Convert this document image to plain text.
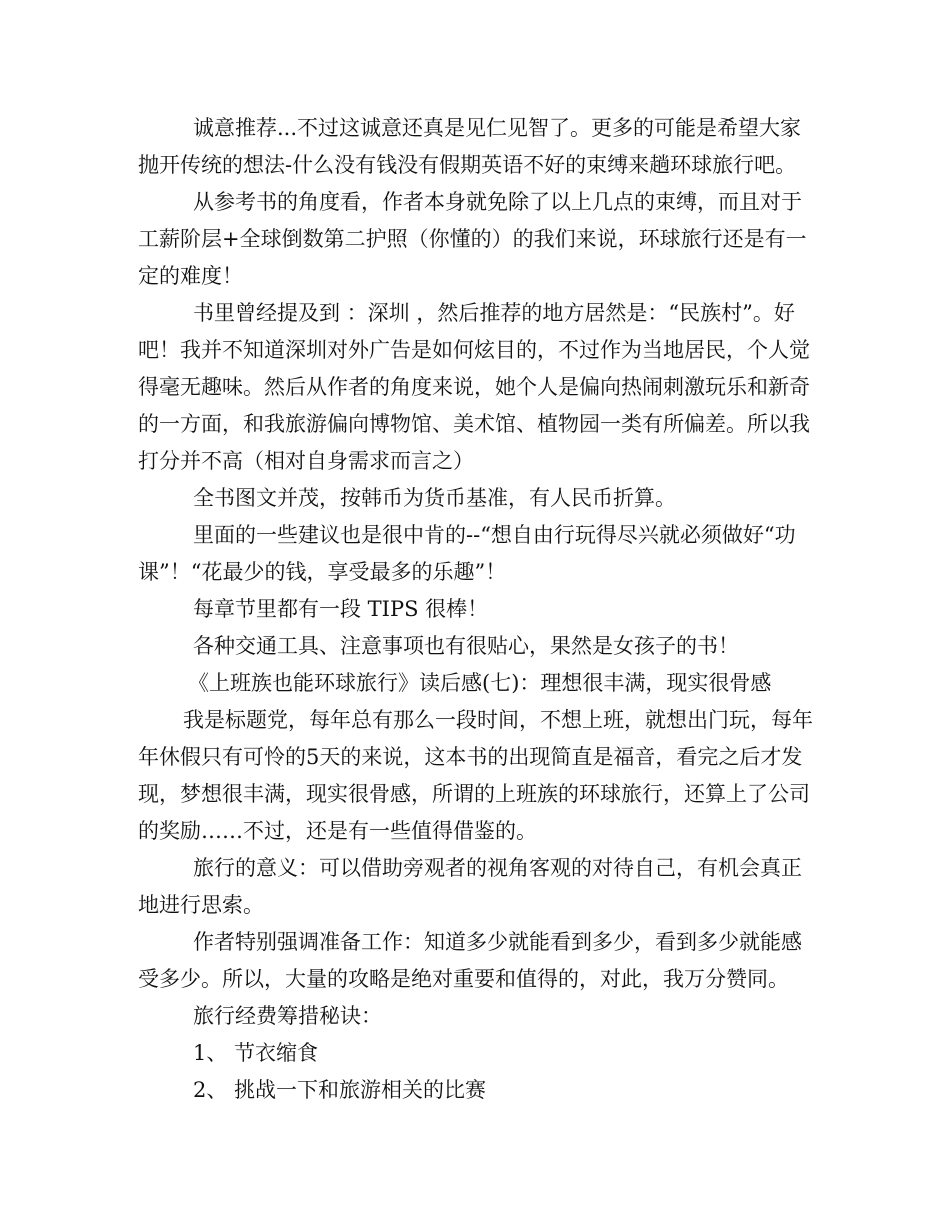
诚意推荐...不过这诚意还真是见仁见智了。更多的可能是希望大家抛开传统的想法-什么没有钱没有假期英语不好的束缚来趟环球旅行吧。

从参考书的角度看，作者本身就免除了以上几点的束缚，而且对于工薪阶层+全球倒数第二护照（你懂的）的我们来说，环球旅行还是有一定的难度！

书里曾经提及到 ：深圳 ，然后推荐的地方居然是：“民族村”。好吧！我并不知道深圳对外广告是如何炫目的，不过作为当地居民，个人觉得毫无趣味。然后从作者的角度来说，她个人是偏向热闹刺激玩乐和新奇的一方面，和我旅游偏向博物馆、美术馆、植物园一类有所偏差。所以我打分并不高（相对自身需求而言之）

全书图文并茂，按韩币为货币基准，有人民币折算。

里面的一些建议也是很中肯的--“想自由行玩得尽兴就必须做好“功课”！“花最少的钱，享受最多的乐趣”！

每章节里都有一段 TIPS 很棒！

各种交通工具、注意事项也有很贴心，果然是女孩子的书！

《上班族也能环球旅行》读后感(七)：理想很丰满，现实很骨感

我是标题党，每年总有那么一段时间，不想上班，就想出门玩，每年年休假只有可怜的5天的来说，这本书的出现简直是福音，看完之后才发现，梦想很丰满，现实很骨感，所谓的上班族的环球旅行，还算上了公司的奖励……不过，还是有一些值得借鉴的。

旅行的意义：可以借助旁观者的视角客观的对待自己，有机会真正地进行思索。

作者特别强调准备工作：知道多少就能看到多少，看到多少就能感受多少。所以，大量的攻略是绝对重要和值得的，对此，我万分赞同。

旅行经费筹措秘诀：

1、 节衣缩食

2、 挑战一下和旅游相关的比赛
